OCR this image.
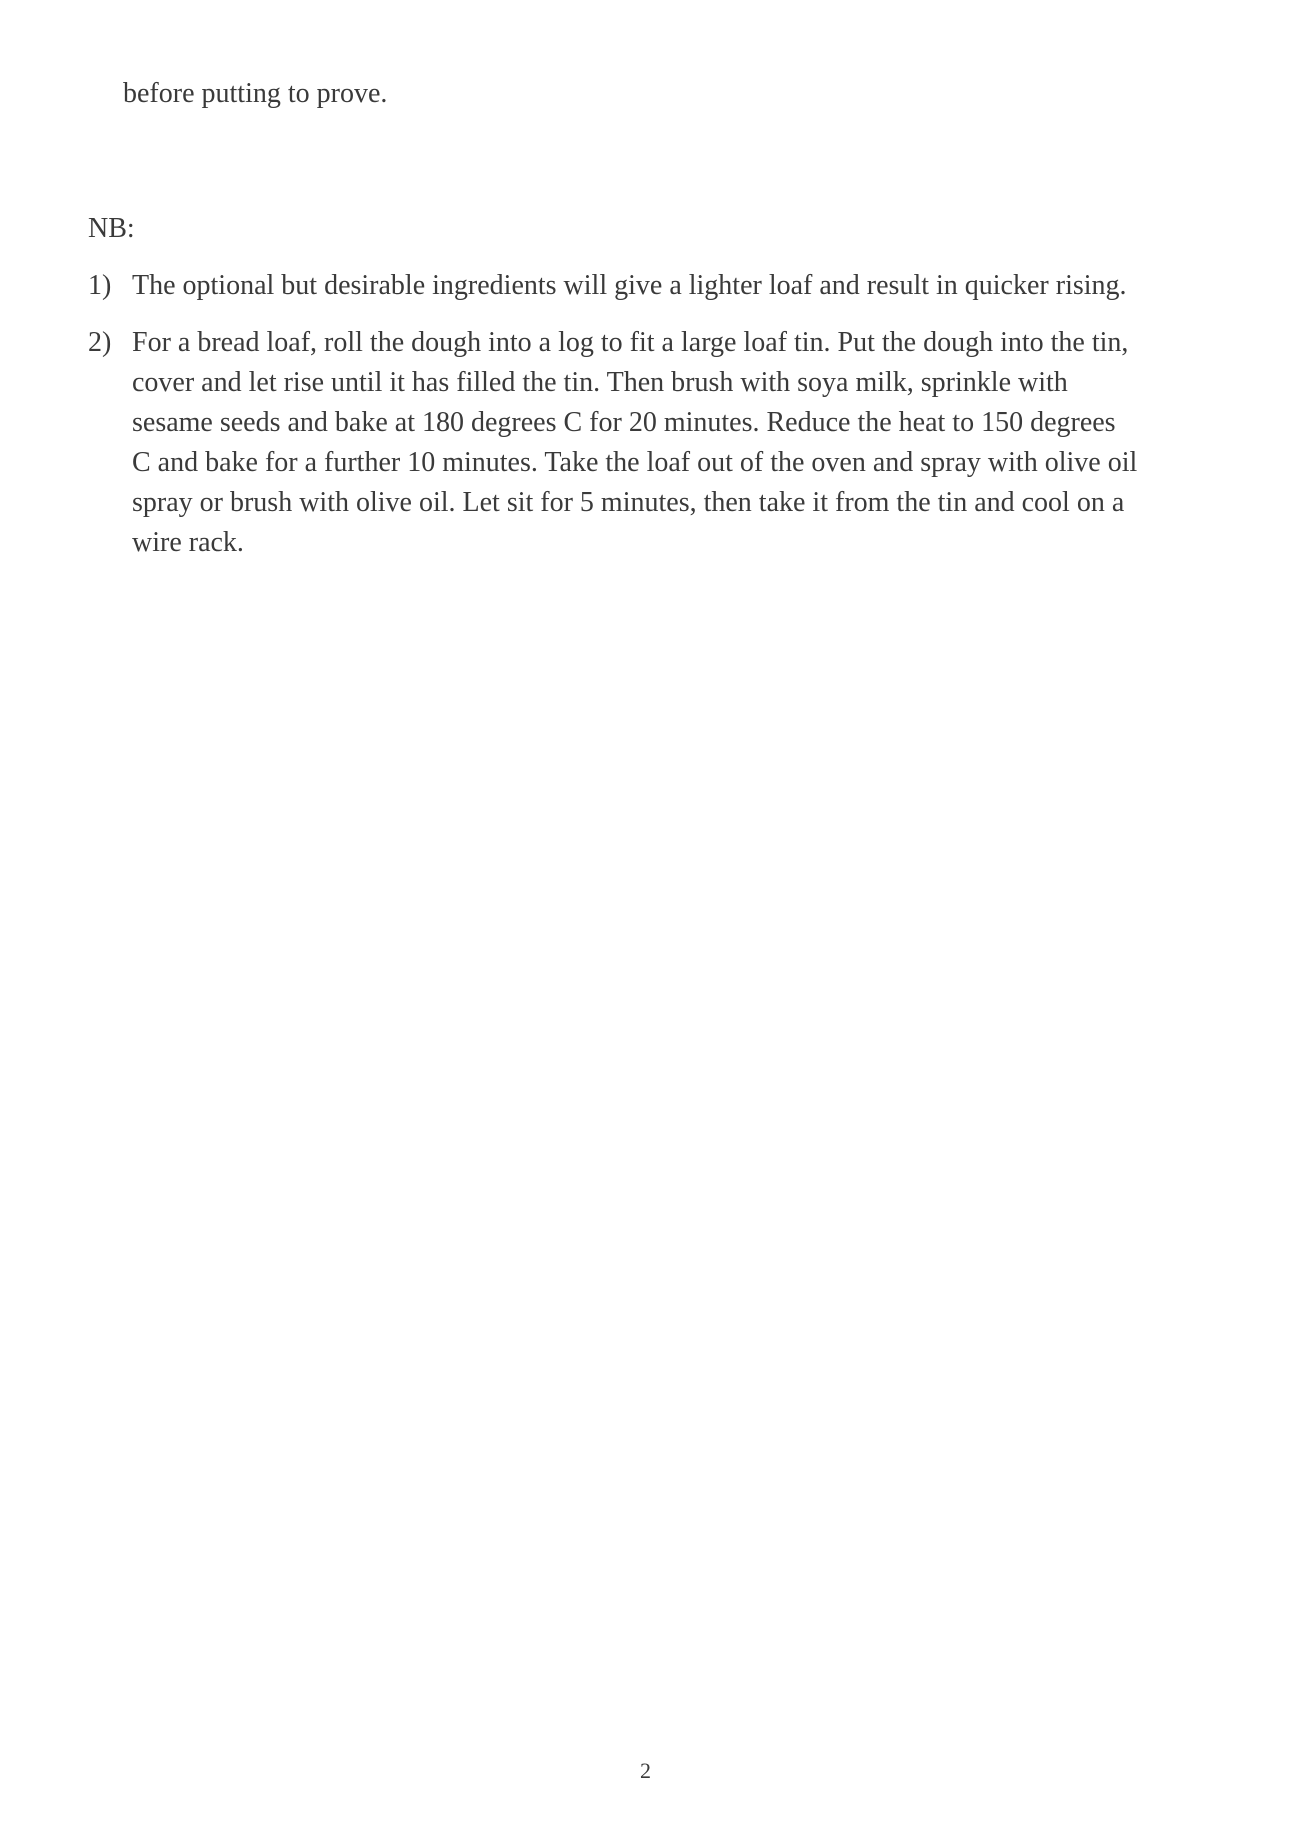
before putting to prove.

NB:

1) The optional but desirable ingredients will give a lighter loaf and result in quicker rising.
2) For a bread loaf, roll the dough into a log to fit a large loaf tin. Put the dough into the tin, cover and let rise until it has filled the tin. Then brush with soya milk, sprinkle with sesame seeds and bake at 180 degrees C for 20 minutes. Reduce the heat to 150 degrees C and bake for a further 10 minutes. Take the loaf out of the oven and spray with olive oil spray or brush with olive oil. Let sit for 5 minutes, then take it from the tin and cool on a wire rack.

2
